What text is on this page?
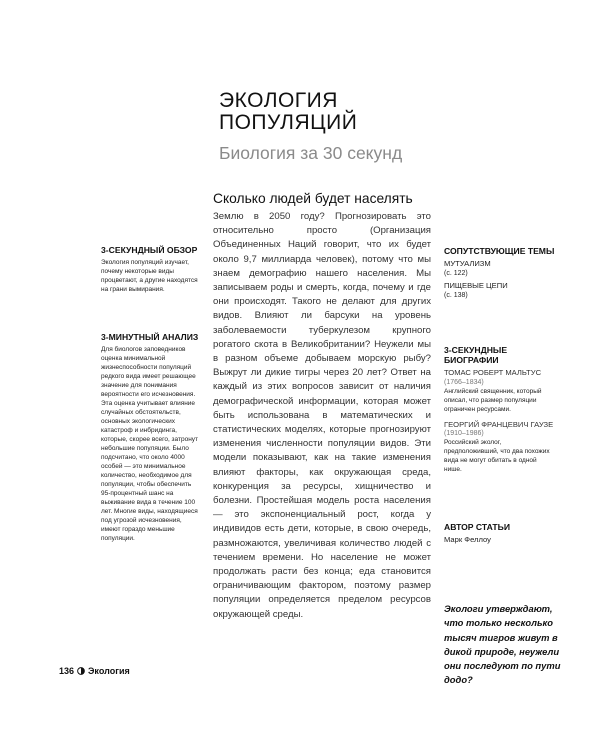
ЭКОЛОГИЯ

ПОПУЛЯЦИЙ

Биология за 30 секунд

3-СЕКУНДНЫЙ ОБЗОР

Экология популяций изучает, почему некоторые виды процветают, а другие находятся на грани вымирания.

3-МИНУТНЫЙ АНАЛИЗ

Для биологов заповедников оценка минимальной жизнеспособности популяций редкого вида имеет решающее значение для понимания вероятности его исчезновения. Эта оценка учитывает влияние случайных обстоятельств, основных экологических катастроф и инбридинга, которые, скорее всего, затронут небольшие популяции. Было подсчитано, что около 4000 особей — это минимальное количество, необходимое для популяции, чтобы обеспечить 95-процентный шанс на выживание вида в течение 100 лет. Многие виды, находящиеся под угрозой исчезновения, имеют гораздо меньшие популяции.

Сколько людей будет населять

Землю в 2050 году? Прогнозировать это относительно просто (Организация Объединенных Наций говорит, что их будет около 9,7 миллиарда человек), потому что мы знаем демографию нашего населения. Мы записываем роды и смерть, когда, почему и где они происходят. Такого не делают для других видов. Влияют ли барсуки на уровень заболеваемости туберкулезом крупного рогатого скота в Великобритании? Неужели мы в разном объеме добываем морскую рыбу? Выжрут ли дикие тигры через 20 лет? Ответ на каждый из этих вопросов зависит от наличия демографической информации, которая может быть использована в математических и статистических моделях, которые прогнозируют изменения численности популяции видов. Эти модели показывают, как на такие изменения влияют факторы, как окружающая среда, конкуренция за ресурсы, хищничество и болезни. Простейшая модель роста населения — это экспоненциальный рост, когда у индивидов есть дети, которые, в свою очередь, размножаются, увеличивая количество людей с течением времени. Но население не может продолжать расти без конца; еда становится ограничивающим фактором, поэтому размер популяции определяется пределом ресурсов окружающей среды.

СОПУТСТВУЮЩИЕ ТЕМЫ

МУТУАЛИЗМ

(с. 122)

ПИЩЕВЫЕ ЦЕПИ

(с. 138)

3-СЕКУНДНЫЕ БИОГРАФИИ

ТОМАС РОБЕРТ МАЛЬТУС

(1766–1834)

Английский священник, который описал, что размер популяции ограничен ресурсами.

ГЕОРГИЙ ФРАНЦЕВИЧ ГАУЗЕ

(1910–1986)

Российский эколог, предположивший, что два похожих вида не могут обитать в одной нише.

АВТОР СТАТЬИ

Марк Феллоу

Экологи утверждают, что только несколько тысяч тигров живут в дикой природе, неужели они последуют по пути додо?

136 Экология
